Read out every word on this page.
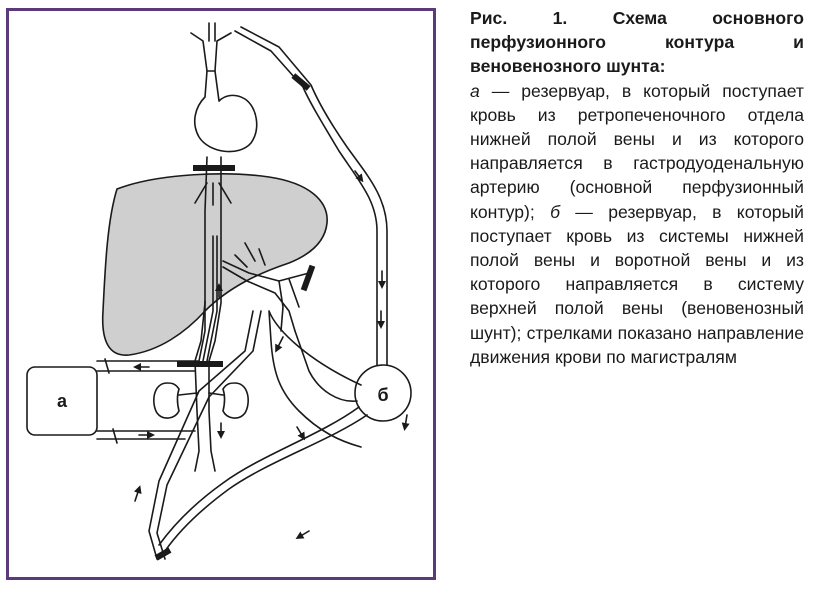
а	б
Рис. 1. Схема основного перфузионного контура и веновенозного шунта:
а — резервуар, в который поступает кровь из ретропеченочного отдела нижней полой вены и из которого направляется в гастродуоденальную артерию (основной перфузионный контур); б — резервуар, в который поступает кровь из системы нижней полой вены и воротной вены и из которого направляется в систему верхней полой вены (веновенозный шунт); стрелками показано направление движения крови по магистралям
